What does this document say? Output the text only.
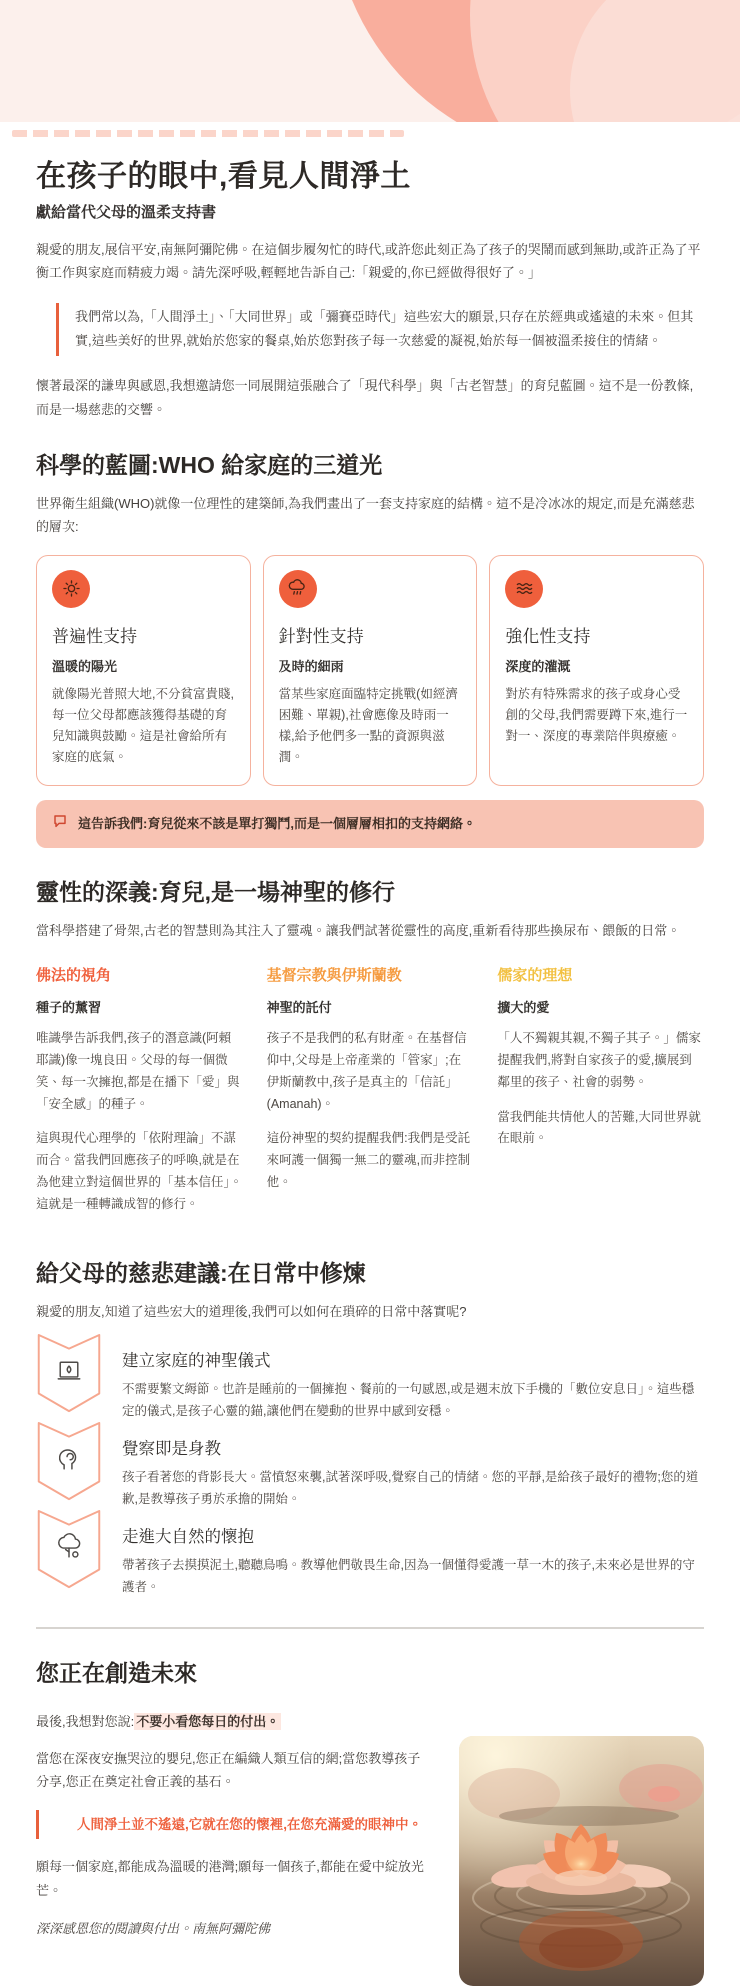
在孩子的眼中,看見人間淨土
獻給當代父母的溫柔支持書

親愛的朋友,展信平安,南無阿彌陀佛。在這個步履匆忙的時代,或許您此刻正為了孩子的哭鬧而感到無助,或許正為了平衡工作與家庭而精疲力竭。請先深呼吸,輕輕地告訴自己:「親愛的,你已經做得很好了。」

我們常以為,「人間淨土」、「大同世界」或「彌賽亞時代」這些宏大的願景,只存在於經典或遙遠的未來。但其實,這些美好的世界,就始於您家的餐桌,始於您對孩子每一次慈愛的凝視,始於每一個被溫柔接住的情緒。

懷著最深的謙卑與感恩,我想邀請您一同展開這張融合了「現代科學」與「古老智慧」的育兒藍圖。這不是一份教條,而是一場慈悲的交響。

科學的藍圖:WHO 給家庭的三道光

世界衛生組織(WHO)就像一位理性的建築師,為我們畫出了一套支持家庭的結構。這不是冷冰冰的規定,而是充滿慈悲的層次:

普遍性支持
溫暖的陽光

就像陽光普照大地,不分貧富貴賤,每一位父母都應該獲得基礎的育兒知識與鼓勵。這是社會給所有家庭的底氣。

針對性支持
及時的細雨

當某些家庭面臨特定挑戰(如經濟困難、單親),社會應像及時雨一樣,給予他們多一點的資源與滋潤。

強化性支持
深度的灌溉

對於有特殊需求的孩子或身心受創的父母,我們需要蹲下來,進行一對一、深度的專業陪伴與療癒。

這告訴我們:育兒從來不該是單打獨鬥,而是一個層層相扣的支持網絡。

靈性的深義:育兒,是一場神聖的修行

當科學搭建了骨架,古老的智慧則為其注入了靈魂。讓我們試著從靈性的高度,重新看待那些換尿布、餵飯的日常。

佛法的視角
種子的薰習

唯識學告訴我們,孩子的潛意識(阿賴耶識)像一塊良田。父母的每一個微笑、每一次擁抱,都是在播下「愛」與「安全感」的種子。

這與現代心理學的「依附理論」不謀而合。當我們回應孩子的呼喚,就是在為他建立對這個世界的「基本信任」。這就是一種轉識成智的修行。

基督宗教與伊斯蘭教
神聖的託付

孩子不是我們的私有財產。在基督信仰中,父母是上帝產業的「管家」;在伊斯蘭教中,孩子是真主的「信託」(Amanah)。

這份神聖的契約提醒我們:我們是受託來呵護一個獨一無二的靈魂,而非控制他。

儒家的理想
擴大的愛

「人不獨親其親,不獨子其子。」儒家提醒我們,將對自家孩子的愛,擴展到鄰里的孩子、社會的弱勢。

當我們能共情他人的苦難,大同世界就在眼前。

給父母的慈悲建議:在日常中修煉

親愛的朋友,知道了這些宏大的道理後,我們可以如何在瑣碎的日常中落實呢?

建立家庭的神聖儀式

不需要繁文縟節。也許是睡前的一個擁抱、餐前的一句感恩,或是週末放下手機的「數位安息日」。這些穩定的儀式,是孩子心靈的錨,讓他們在變動的世界中感到安穩。

覺察即是身教

孩子看著您的背影長大。當憤怒來襲,試著深呼吸,覺察自己的情緒。您的平靜,是給孩子最好的禮物;您的道歉,是教導孩子勇於承擔的開始。

走進大自然的懷抱

帶著孩子去摸摸泥土,聽聽鳥鳴。教導他們敬畏生命,因為一個懂得愛護一草一木的孩子,未來必是世界的守護者。

您正在創造未來

最後,我想對您說: 不要小看您每日的付出。

當您在深夜安撫哭泣的嬰兒,您正在編織人類互信的網;當您教導孩子分享,您正在奠定社會正義的基石。

人間淨土並不遙遠,它就在您的懷裡,在您充滿愛的眼神中。

願每一個家庭,都能成為溫暖的港灣;願每一個孩子,都能在愛中綻放光芒。

深深感恩您的閱讀與付出。南無阿彌陀佛
